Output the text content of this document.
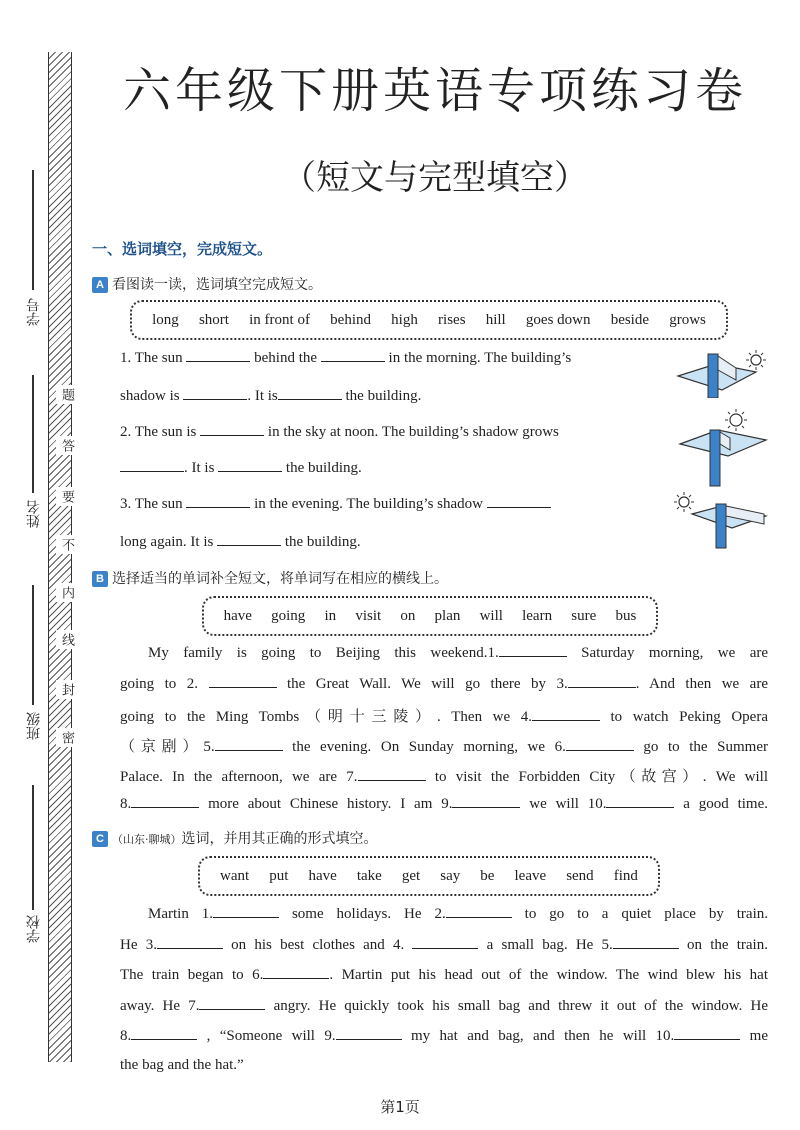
学号
姓名
班级
学校
题
答
要
不
内
线
封
密
六年级下册英语专项练习卷
（短文与完型填空）
一、选词填空，完成短文。
A 看图读一读，选词填空完成短文。
long short in front of behind high rises hill goes down beside grows
1. The sun	behind the	in the morning. The building’s
shadow is	. It is	the building.
2. The sun is	in the sky at noon. The building’s shadow grows
. It is	the building.
3. The sun	in the evening. The building’s shadow
long again. It is	the building.
B 选择适当的单词补全短文，将单词写在相应的横线上。
have going in visit on plan will learn sure bus
My family is going to Beijing this weekend.1.	Saturday morning, we are
going to 2.	the Great Wall. We will go there by 3.	. And then we are
going to the Ming Tombs（明十三陵）. Then we 4.	to watch Peking Opera
（京剧）5.	the evening. On Sunday morning, we 6.	go to the Summer
Palace. In the afternoon, we are 7.	to visit the Forbidden City（故宫）. We will
8.	more about Chinese history. I am 9.	we will 10.	a good time.
C （山东·聊城）选词，并用其正确的形式填空。
want put have take get say be leave send find
Martin 1.	some holidays. He 2.	to go to a quiet place by train.
He 3.	on his best clothes and 4.	a small bag. He 5.	on the train.
The train began to 6.	. Martin put his head out of the window. The wind blew his hat
away. He 7.	angry. He quickly took his small bag and threw it out of the window. He
8.	, “Someone will 9.	my hat and bag, and then he will 10.	me
the bag and the hat.”
第1页
